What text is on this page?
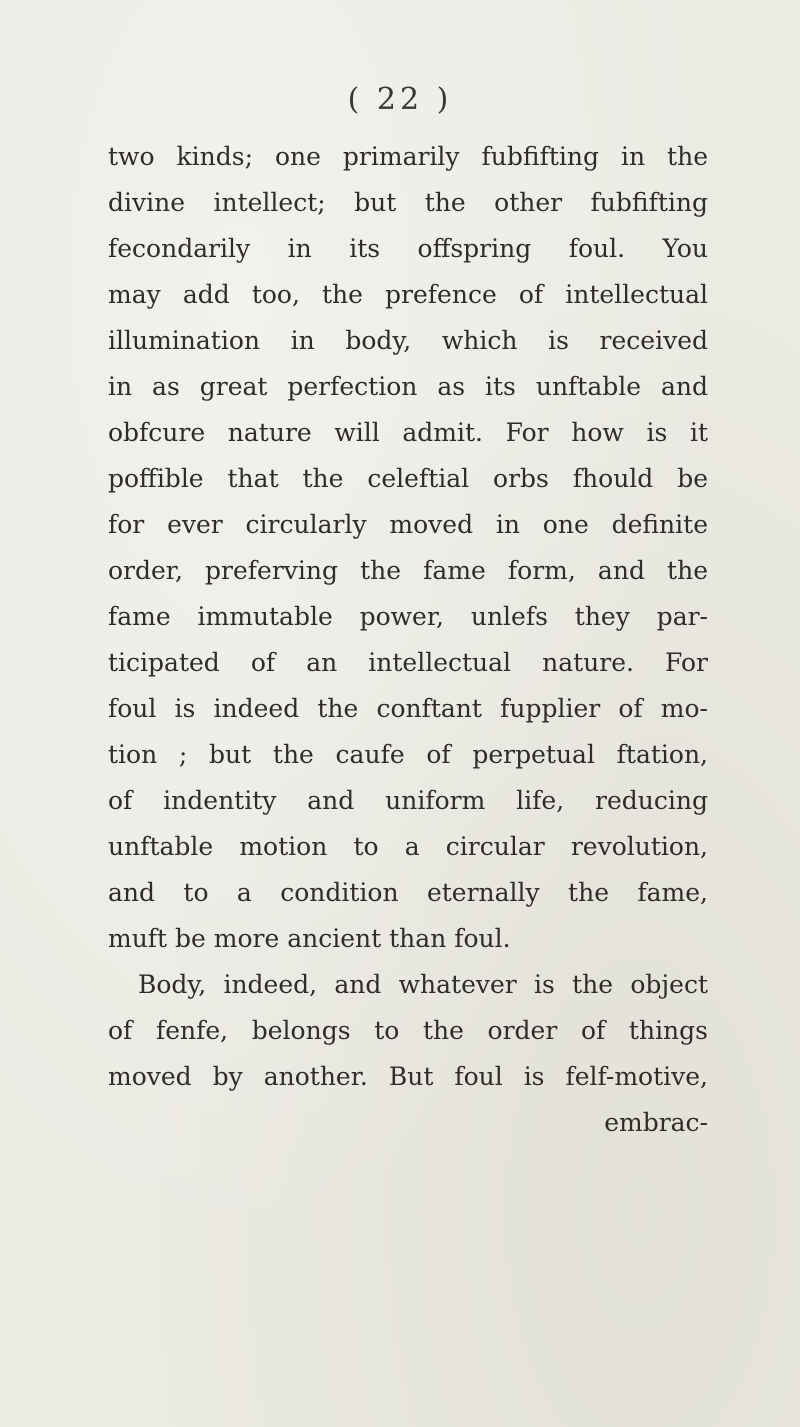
( 22 )
two kinds; one primarily fubfifting in the
divine intellect; but the other fubfifting
fecondarily in its offspring foul. You
may add too, the prefence of intellectual
illumination in body, which is received
in as great perfection as its unftable and
obfcure nature will admit. For how is it
poffible that the celeftial orbs fhould be
for ever circularly moved in one definite
order, preferving the fame form, and the
fame immutable power, unlefs they par-
ticipated of an intellectual nature. For
foul is indeed the conftant fupplier of mo-
tion ; but the caufe of perpetual ftation,
of indentity and uniform life, reducing
unftable motion to a circular revolution,
and to a condition eternally the fame,
muft be more ancient than foul.
Body, indeed, and whatever is the object
of fenfe, belongs to the order of things
moved by another. But foul is felf-motive,
embrac-
